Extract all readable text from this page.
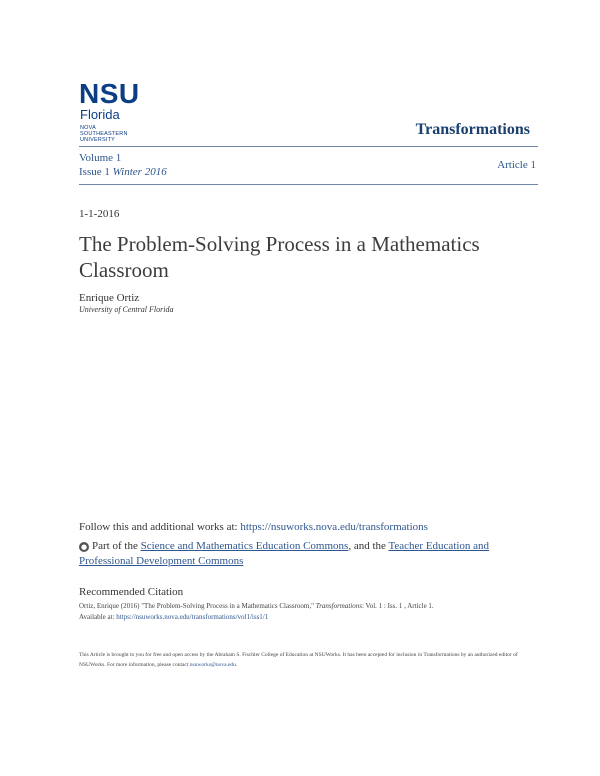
NSU
Florida
NOVA SOUTHEASTERN UNIVERSITY
Transformations
Volume 1
Issue 1 Winter 2016
Article 1
1-1-2016
The Problem-Solving Process in a Mathematics Classroom
Enrique Ortiz
University of Central Florida
Follow this and additional works at: https://nsuworks.nova.edu/transformations
● Part of the Science and Mathematics Education Commons, and the Teacher Education and Professional Development Commons
Recommended Citation
Ortiz, Enrique (2016) "The Problem-Solving Process in a Mathematics Classroom," Transformations: Vol. 1 : Iss. 1 , Article 1.
Available at: https://nsuworks.nova.edu/transformations/vol1/iss1/1
This Article is brought to you for free and open access by the Abraham S. Fischler College of Education at NSUWorks. It has been accepted for inclusion in Transformations by an authorized editor of NSUWorks. For more information, please contact nsuworks@nova.edu.
